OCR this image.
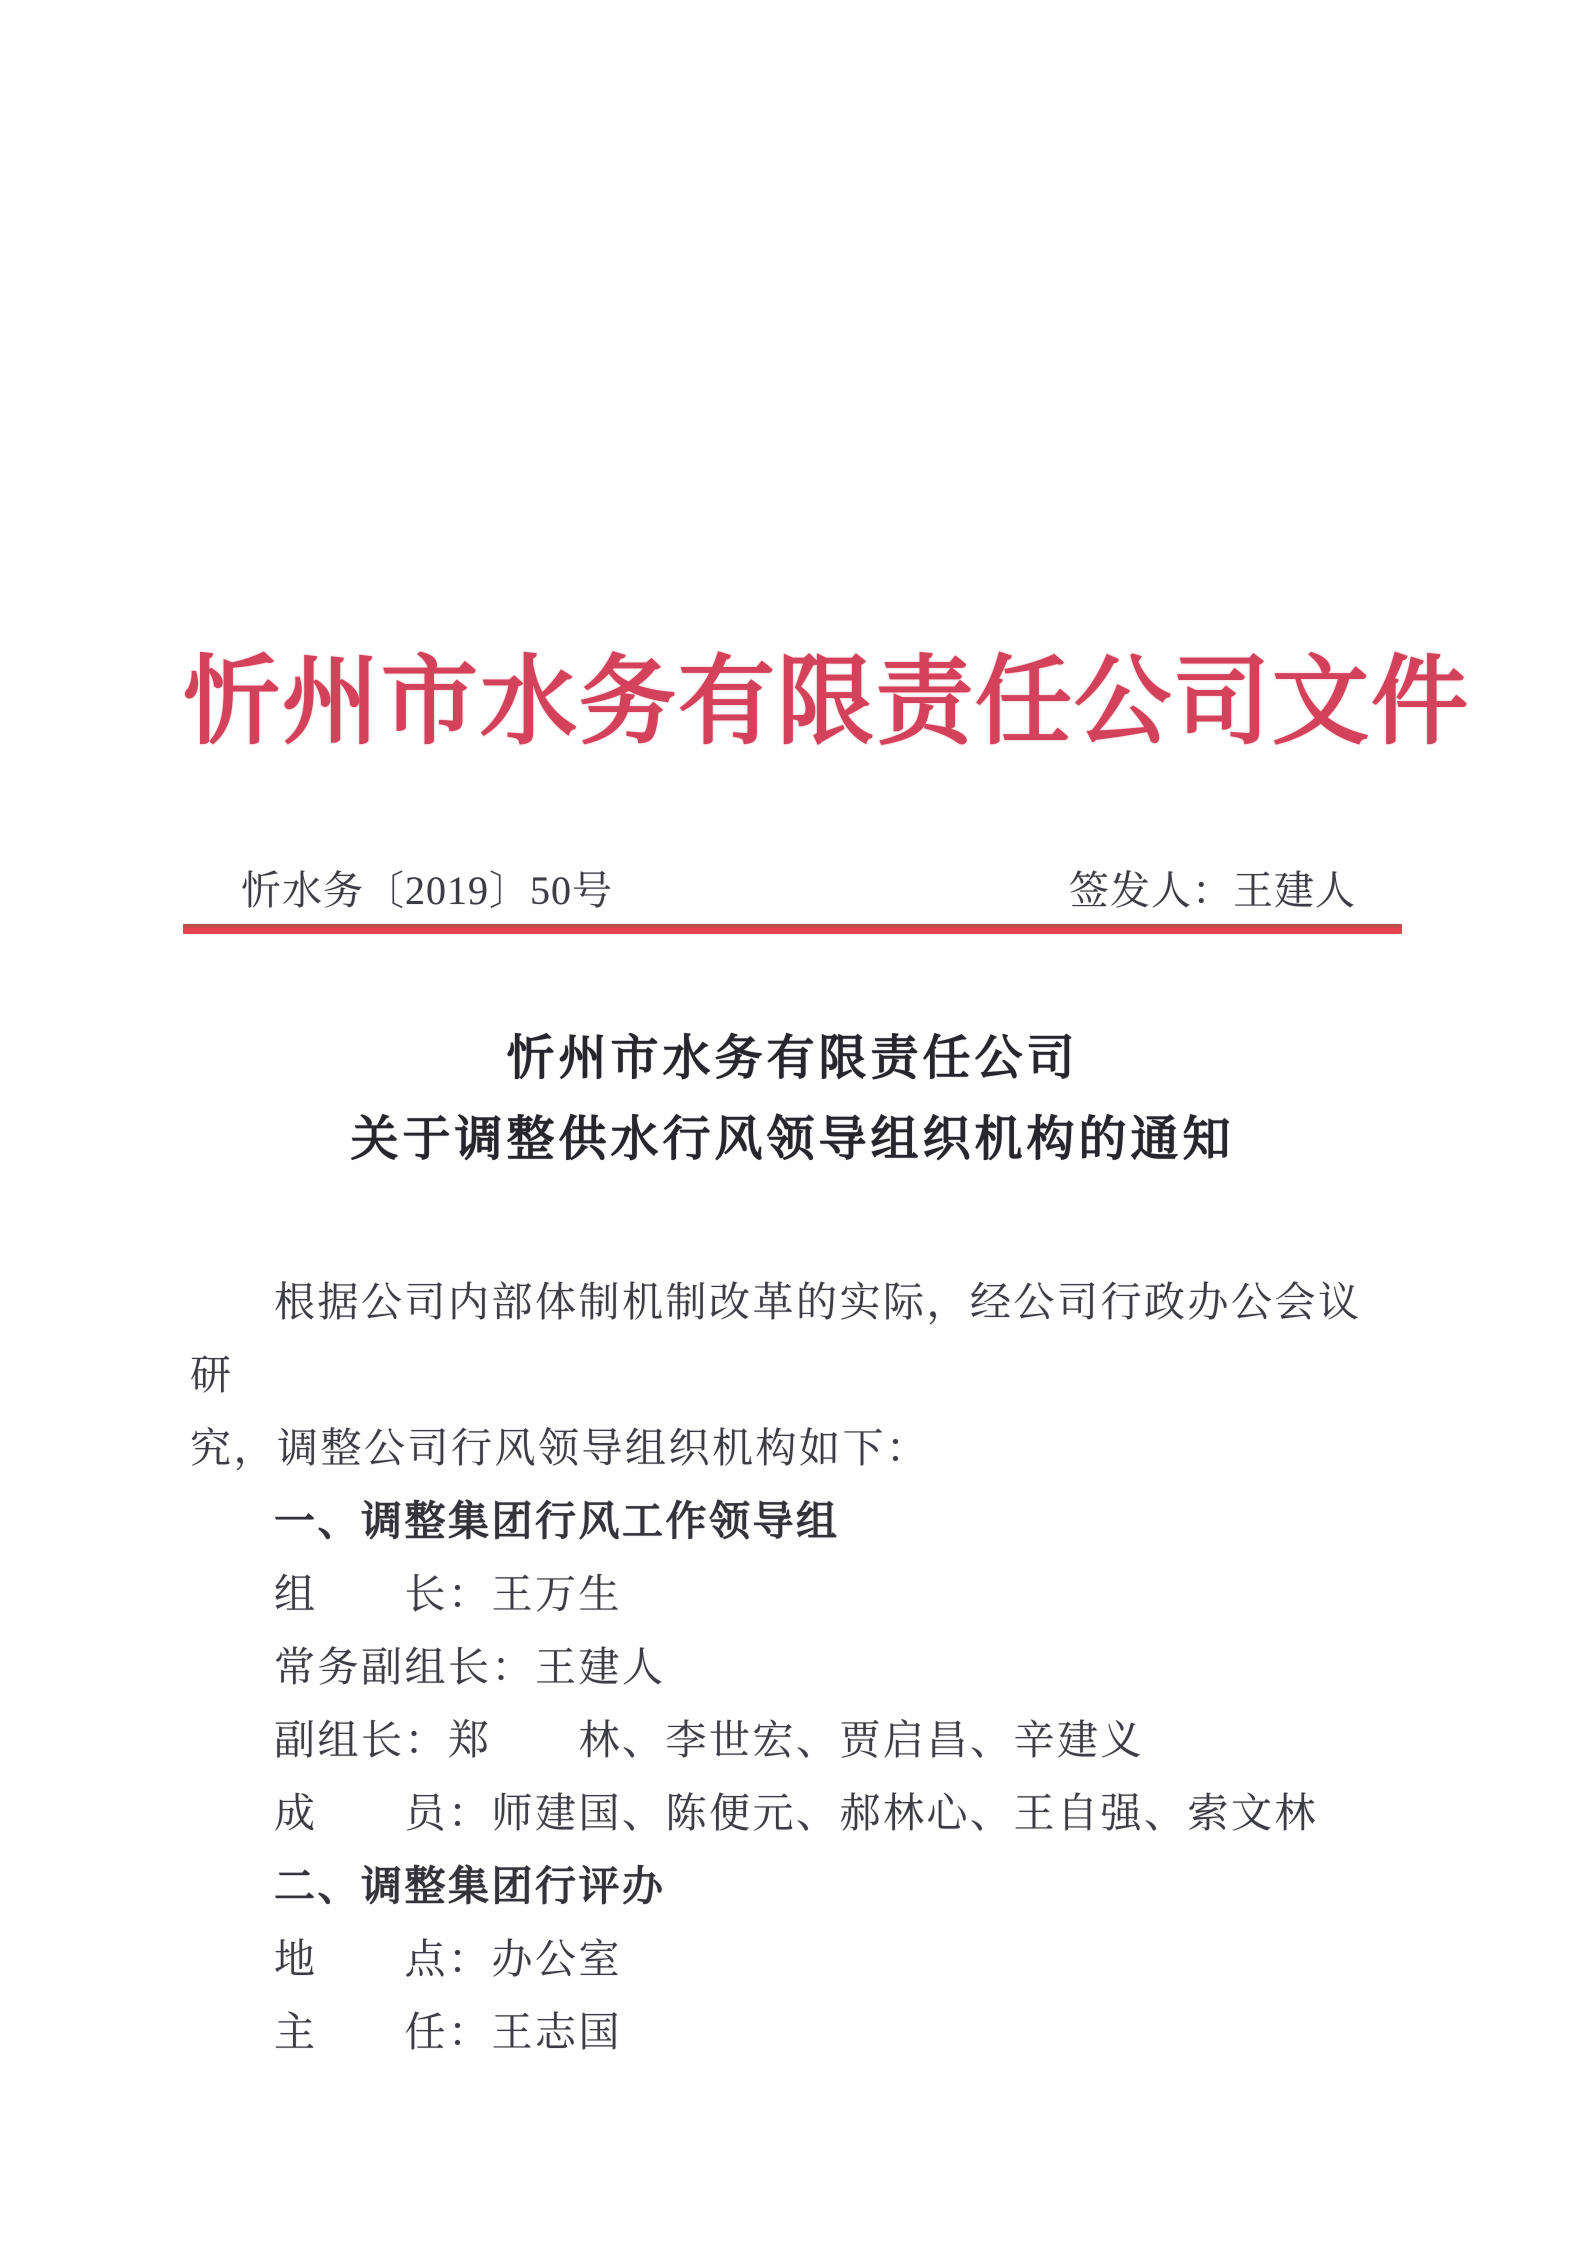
忻州市水务有限责任公司文件
忻水务〔2019〕50号	签发人：王建人
忻州市水务有限责任公司
关于调整供水行风领导组织机构的通知
根据公司内部体制机制改革的实际，经公司行政办公会议研
究，调整公司行风领导组织机构如下：
一、调整集团行风工作领导组
组　　长：王万生
常务副组长：王建人
副组长：郑　　林、李世宏、贾启昌、辛建义
成　　员：师建国、陈便元、郝林心、王自强、索文林
二、调整集团行评办
地　　点：办公室
主　　任：王志国
